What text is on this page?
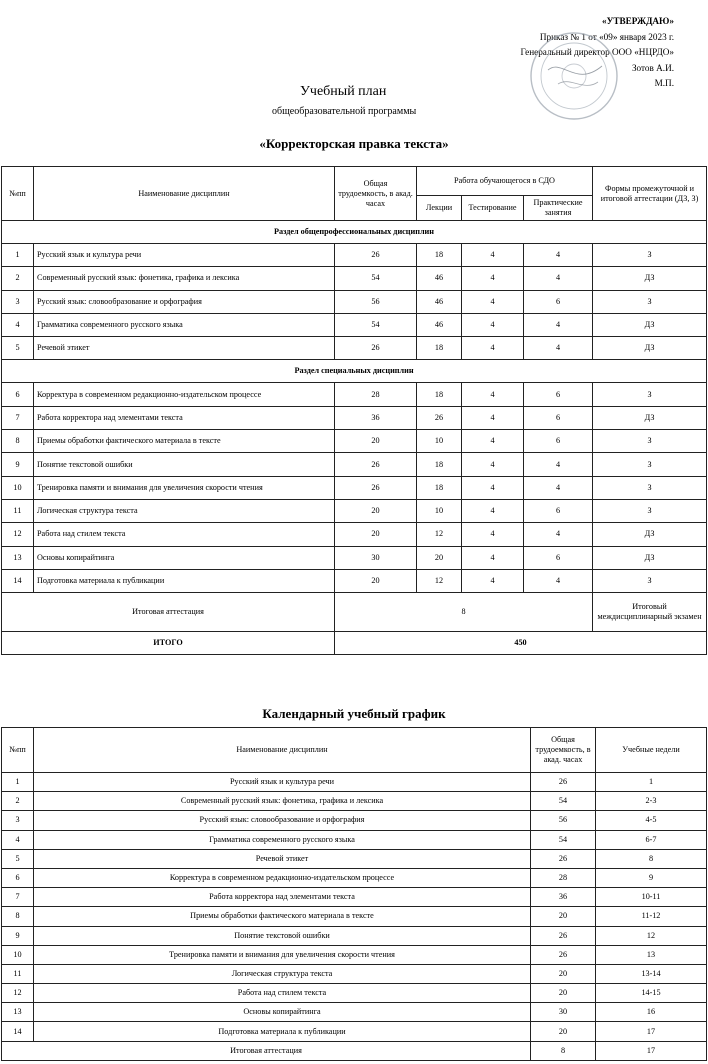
«УТВЕРЖДАЮ»
Приказ № 1 от «09» января 2023 г.
Генеральный директор ООО «НЦРДО»
Зотов А.И.
М.П.
Учебный план
общеобразовательной программы
«Корректорская правка текста»
№пп	Наименование дисциплин	Общая трудоемкость, в акад. часах	Работа обучающегося в СДО			Формы промежуточной и итоговой аттестации (ДЗ, З)
			Лекции	Тестирование	Практические занятия	
Раздел общепрофессиональных дисциплин						
1	Русский язык и культура речи	26	18	4	4	З
2	Современный русский язык: фонетика, графика и лексика	54	46	4	4	ДЗ
3	Русский язык: словообразование и орфография	56	46	4	6	З
4	Грамматика современного русского языка	54	46	4	4	ДЗ
5	Речевой этикет	26	18	4	4	ДЗ
Раздел специальных дисциплин						
6	Корректура в современном редакционно-издательском процессе	28	18	4	6	З
7	Работа корректора над элементами текста	36	26	4	6	ДЗ
8	Приемы обработки фактического материала в тексте	20	10	4	6	З
9	Понятие текстовой ошибки	26	18	4	4	З
10	Тренировка памяти и внимания для увеличения скорости чтения	26	18	4	4	З
11	Логическая структура текста	20	10	4	6	З
12	Работа над стилем текста	20	12	4	4	ДЗ
13	Основы копирайтинга	30	20	4	6	ДЗ
14	Подготовка материала к публикации	20	12	4	4	З
Итоговая аттестация		8				Итоговый междисциплинарный экзамен
ИТОГО		450				
Календарный учебный график
№пп	Наименование дисциплин	Общая трудоемкость, в акад. часах	Учебные недели
1	Русский язык и культура речи	26	1
2	Современный русский язык: фонетика, графика и лексика	54	2-3
3	Русский язык: словообразование и орфография	56	4-5
4	Грамматика современного русского языка	54	6-7
5	Речевой этикет	26	8
6	Корректура в современном редакционно-издательском процессе	28	9
7	Работа корректора над элементами текста	36	10-11
8	Приемы обработки фактического материала в тексте	20	11-12
9	Понятие текстовой ошибки	26	12
10	Тренировка памяти и внимания для увеличения скорости чтения	26	13
11	Логическая структура текста	20	13-14
12	Работа над стилем текста	20	14-15
13	Основы копирайтинга	30	16
14	Подготовка материала к публикации	20	17
Итоговая аттестация		8	17
